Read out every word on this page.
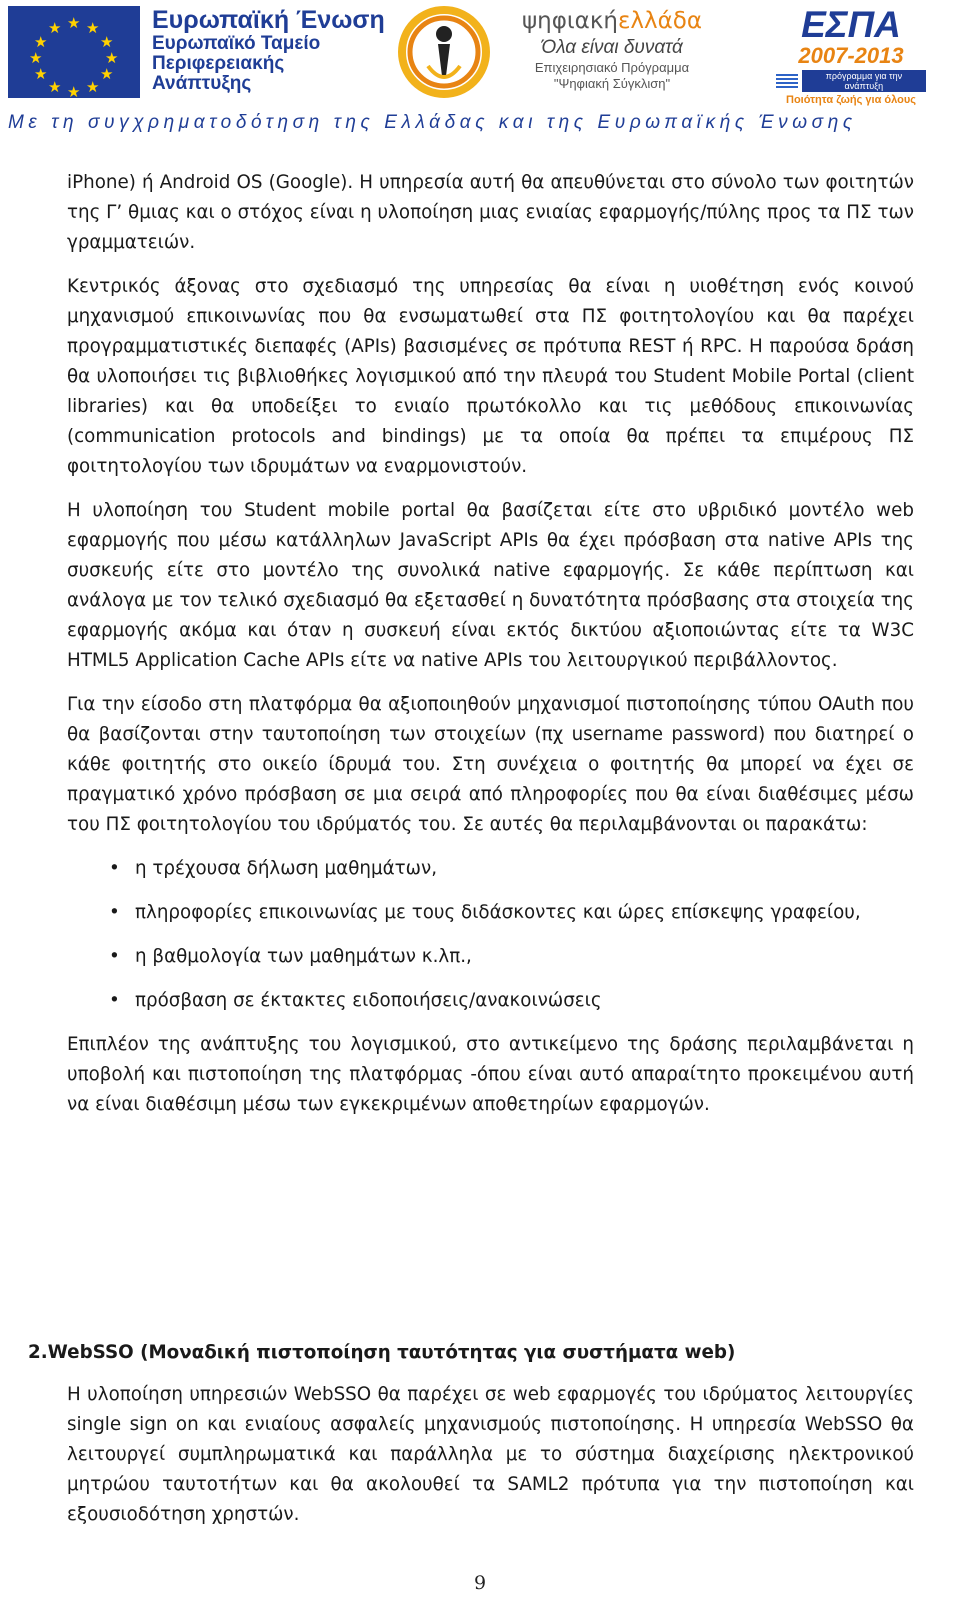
★ ★
★
★
★
★
★
★
★
★
★
★	Ευρωπαϊκή Ένωση
Ευρωπαϊκό Ταμείο
Περιφερειακής
Ανάπτυξης
ψηφιακήελλάδα
Όλα είναι δυνατά
Επιχειρησιακό Πρόγραμμα
"Ψηφιακή Σύγκλιση"
ΕΣΠΑ
2007-2013
πρόγραμμα για την ανάπτυξη
Ποιότητα ζωής για όλους
Με τη συγχρηματοδότηση της Ελλάδας και της Ευρωπαϊκής Ένωσης

iPhone) ή Android OS (Google). Η υπηρεσία αυτή θα απευθύνεται στο σύνολο των φοιτητών της Γ’ θμιας και ο στόχος είναι η υλοποίηση μιας ενιαίας εφαρμογής/πύλης προς τα ΠΣ των γραμματειών.

Κεντρικός άξονας στο σχεδιασμό της υπηρεσίας θα είναι η υιοθέτηση ενός κοινού μηχανισμού επικοινωνίας που θα ενσωματωθεί στα ΠΣ φοιτητολογίου και θα παρέχει προγραμματιστικές διεπαφές (APIs) βασισμένες σε πρότυπα REST ή RPC. Η παρούσα δράση θα υλοποιήσει τις βιβλιοθήκες λογισμικού από την πλευρά του Student Mobile Portal (client libraries) και θα υποδείξει το ενιαίο πρωτόκολλο και τις μεθόδους επικοινωνίας (communication protocols and bindings) με τα οποία θα πρέπει τα επιμέρους ΠΣ φοιτητολογίου των ιδρυμάτων να εναρμονιστούν.

Η υλοποίηση του Student mobile portal θα βασίζεται είτε στο υβριδικό μοντέλο web εφαρμογής που μέσω κατάλληλων JavaScript APIs θα έχει πρόσβαση στα native APIs της συσκευής είτε στο μοντέλο της συνολικά native εφαρμογής. Σε κάθε περίπτωση και ανάλογα με τον τελικό σχεδιασμό θα εξετασθεί η δυνατότητα πρόσβασης στα στοιχεία της εφαρμογής ακόμα και όταν η συσκευή είναι εκτός δικτύου αξιοποιώντας είτε τα W3C HTML5 Application Cache APIs είτε να native APIs του λειτουργικού περιβάλλοντος.

Για την είσοδο στη πλατφόρμα θα αξιοποιηθούν μηχανισμοί πιστοποίησης τύπου OAuth που θα βασίζονται στην ταυτοποίηση των στοιχείων (πχ username password) που διατηρεί ο κάθε φοιτητής στο οικείο ίδρυμά του. Στη συνέχεια ο φοιτητής θα μπορεί να έχει σε πραγματικό χρόνο πρόσβαση σε μια σειρά από πληροφορίες που θα είναι διαθέσιμες μέσω του ΠΣ φοιτητολογίου του ιδρύματός του. Σε αυτές θα περιλαμβάνονται οι παρακάτω:

• η τρέχουσα δήλωση μαθημάτων,
• πληροφορίες επικοινωνίας με τους διδάσκοντες και ώρες επίσκεψης γραφείου,
• η βαθμολογία των μαθημάτων κ.λπ.,
• πρόσβαση σε έκτακτες ειδοποιήσεις/ανακοινώσεις

Επιπλέον της ανάπτυξης του λογισμικού, στο αντικείμενο της δράσης περιλαμβάνεται η υποβολή και πιστοποίηση της πλατφόρμας -όπου είναι αυτό απαραίτητο προκειμένου αυτή να είναι διαθέσιμη μέσω των εγκεκριμένων αποθετηρίων εφαρμογών.

2.WebSSO (Μοναδική πιστοποίηση ταυτότητας για συστήματα web)
Η υλοποίηση υπηρεσιών WebSSO θα παρέχει σε web εφαρμογές του ιδρύματος λειτουργίες single sign on και ενιαίους ασφαλείς μηχανισμούς πιστοποίησης. Η υπηρεσία WebSSO θα λειτουργεί συμπληρωματικά και παράλληλα με το σύστημα διαχείρισης ηλεκτρονικού μητρώου ταυτοτήτων και θα ακολουθεί τα SAML2 πρότυπα για την πιστοποίηση και εξουσιοδότηση χρηστών.
9
